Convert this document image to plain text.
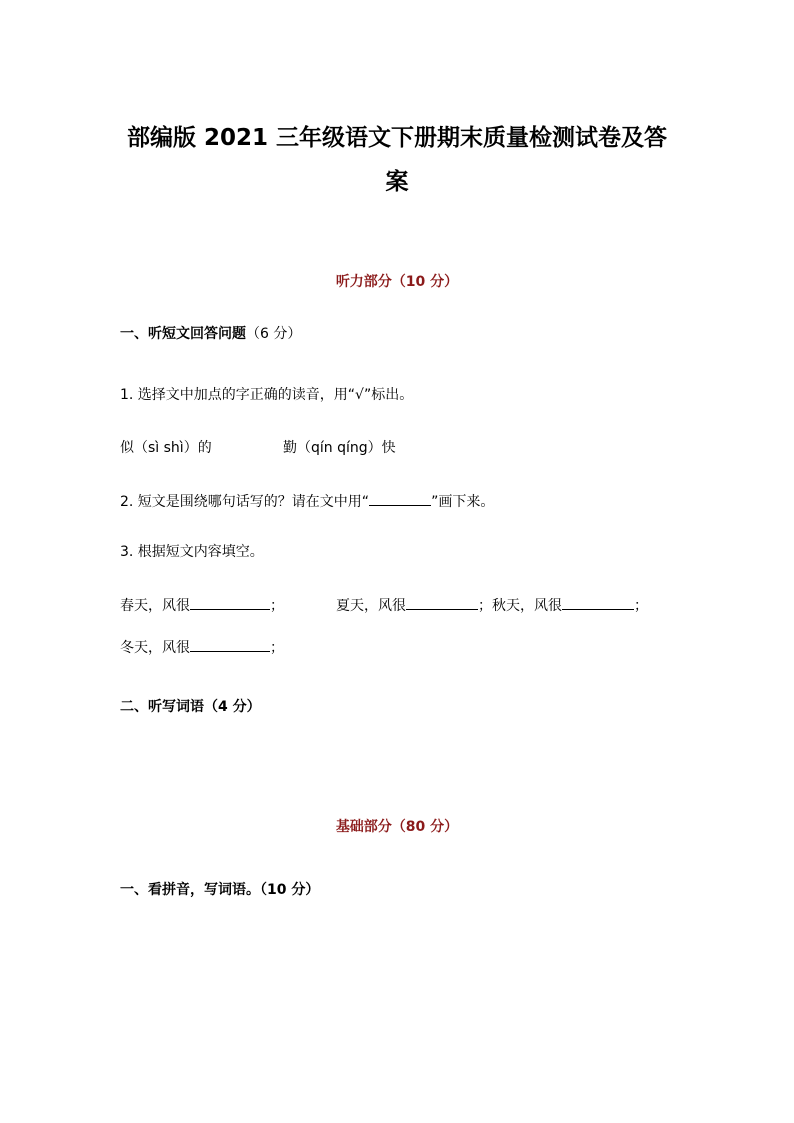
部编版 2021 三年级语文下册期末质量检测试卷及答
案
听力部分（10 分）
一、听短文回答问题（6 分）
1. 选择文中加点的字正确的读音，用“√”标出。
似（sì shì）的	勤（qín qíng）快
2. 短文是围绕哪句话写的？请在文中用“	”画下来。
3. 根据短文内容填空。
春天，风很	；	夏天，风很	；秋天，风很	；
冬天，风很	；
二、听写词语（4 分）
基础部分（80 分）
一、看拼音，写词语。（10 分）
